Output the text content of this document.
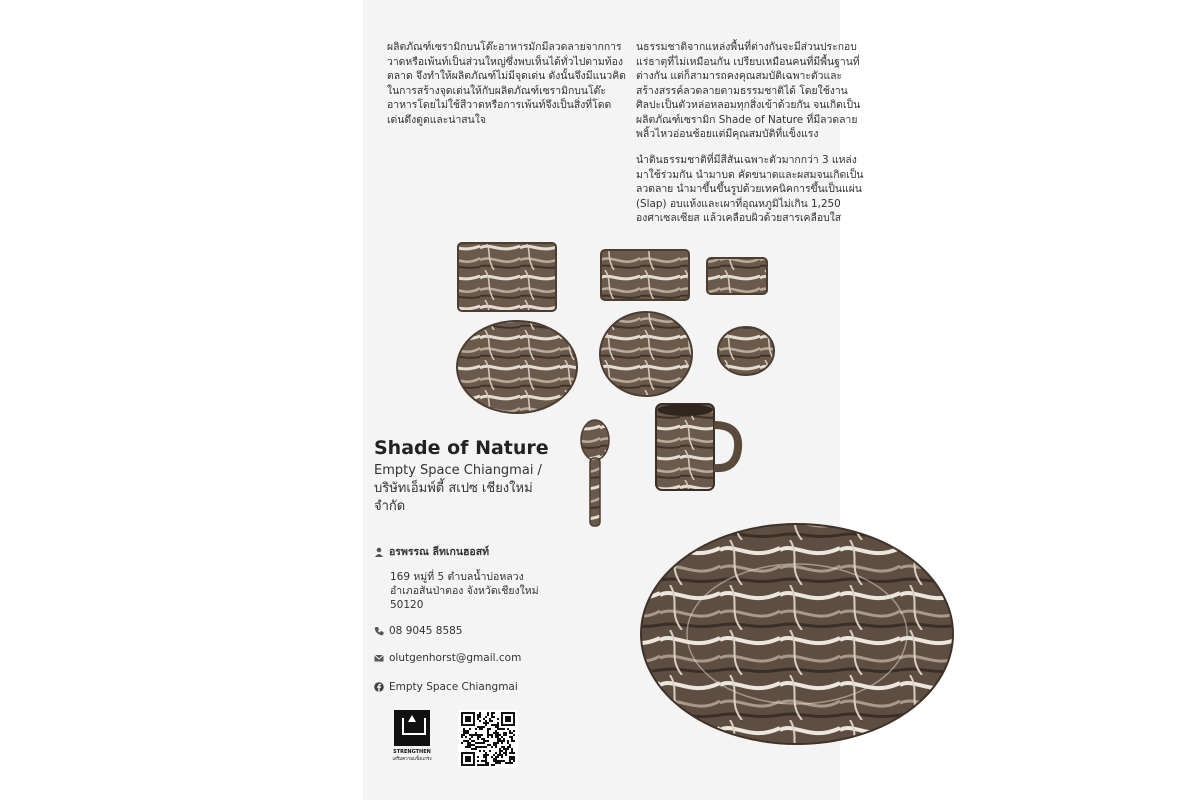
ผลิตภัณฑ์เซรามิกบนโต๊ะอาหารมักมีลวดลายจากการวาดหรือเพ้นท์เป็นส่วนใหญ่ซึ่งพบเห็นได้ทั่วไปตามท้องตลาด จึงทำให้ผลิตภัณฑ์ไม่มีจุดเด่น ดังนั้นจึงมีแนวคิดในการสร้างจุดเด่นให้กับผลิตภัณฑ์เซรามิกบนโต๊ะอาหารโดยไม่ใช้สีวาดหรือการเพ้นท์จึงเป็นสิ่งที่โดดเด่นดึงดูดและน่าสนใจ

นธรรมชาติจากแหล่งพื้นที่ต่างกันจะมีส่วนประกอบแร่ธาตุที่ไม่เหมือนกัน เปรียบเหมือนคนที่มีพื้นฐานที่ต่างกัน แต่ก็สามารถคงคุณสมบัติเฉพาะตัวและสร้างสรรค์ลวดลายตามธรรมชาติได้ โดยใช้งานศิลปะเป็นตัวหล่อหลอมทุกสิ่งเข้าด้วยกัน จนเกิดเป็นผลิตภัณฑ์เซรามิก Shade of Nature ที่มีลวดลายพลิ้วไหวอ่อนช้อยแต่มีคุณสมบัติที่แข็งแรง

นำดินธรรมชาติที่มีสีสันเฉพาะตัวมากกว่า 3 แหล่งมาใช้ร่วมกัน นำมาบด คัดขนาดและผสมจนเกิดเป็นลวดลาย นำมาขึ้นขึ้นรูปด้วยเทคนิคการขึ้นเป็นแผ่น (Slap) อบแห้งและเผาที่อุณหภูมิไม่เกิน 1,250 องศาเซลเซียส แล้วเคลือบผิวด้วยสารเคลือบใส

Shade of Nature
Empty Space Chiangmai /
บริษัทเอ็มพ์ตี้ สเปซ เชียงใหม่
จำกัด
อรพรรณ ลีทเกนฮอสท์
169 หมู่ที่ 5 ตำบลน้ำบ่อหลวง
อำเภอสันป่าตอง จังหวัดเชียงใหม่
50120
08 9045 8585
olutgenhorst@gmail.com
Empty Space Chiangmai
STRENGTHEN
เสริมความแข็งแกร่ง
